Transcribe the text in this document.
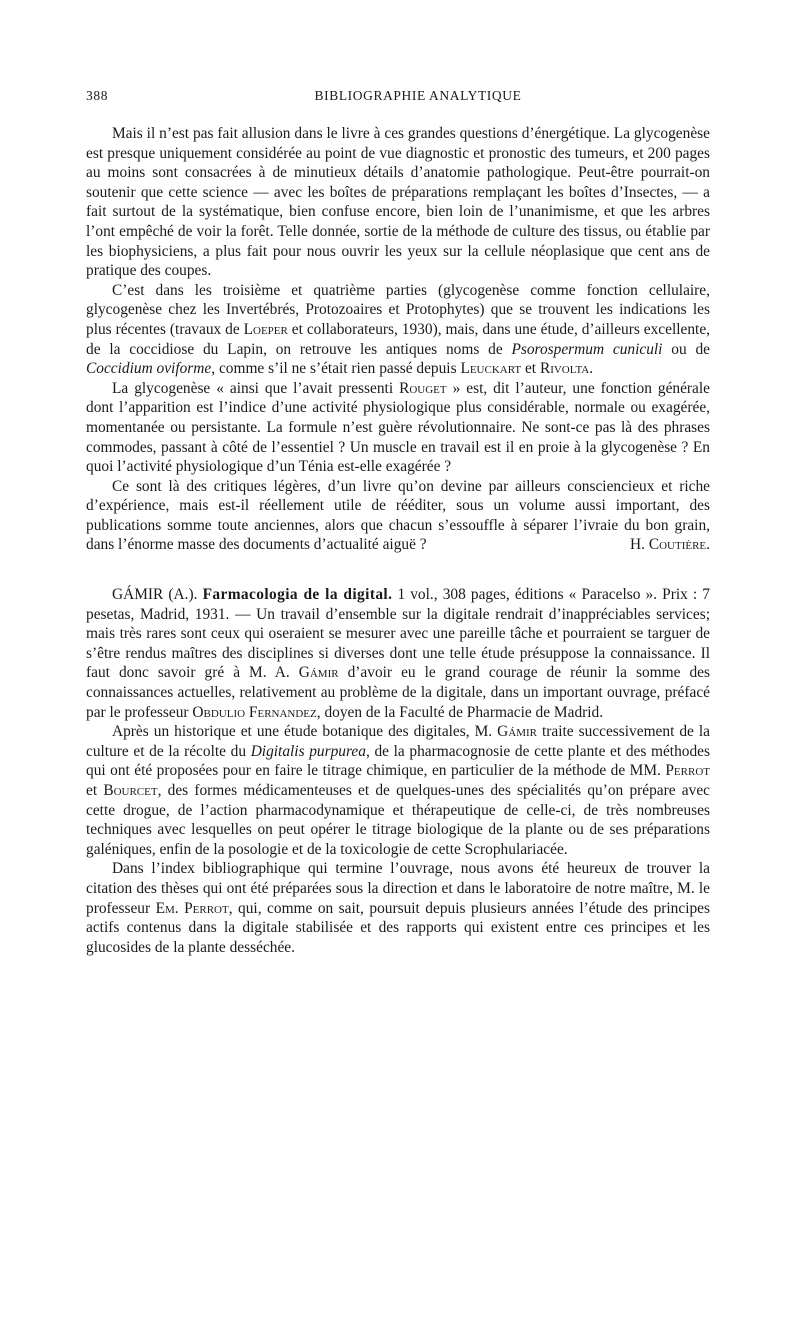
388	BIBLIOGRAPHIE ANALYTIQUE

Mais il n’est pas fait allusion dans le livre à ces grandes questions d’énergétique. La glycogenèse est presque uniquement considérée au point de vue diagnostic et pronostic des tumeurs, et 200 pages au moins sont consacrées à de minutieux détails d’anatomie pathologique. Peut-être pourrait-on soutenir que cette science — avec les boîtes de préparations remplaçant les boîtes d’Insectes, — a fait surtout de la systématique, bien confuse encore, bien loin de l’unanimisme, et que les arbres l’ont empêché de voir la forêt. Telle donnée, sortie de la méthode de culture des tissus, ou établie par les biophysiciens, a plus fait pour nous ouvrir les yeux sur la cellule néoplasique que cent ans de pratique des coupes.

C’est dans les troisième et quatrième parties (glycogenèse comme fonction cellulaire, glycogenèse chez les Invertébrés, Protozoaires et Protophytes) que se trouvent les indications les plus récentes (travaux de Loeper et collaborateurs, 1930), mais, dans une étude, d’ailleurs excellente, de la coccidiose du Lapin, on retrouve les antiques noms de Psorospermum cuniculi ou de Coccidium oviforme, comme s’il ne s’était rien passé depuis Leuckart et Rivolta.

La glycogenèse « ainsi que l’avait pressenti Rouget » est, dit l’auteur, une fonction générale dont l’apparition est l’indice d’une activité physiologique plus considérable, normale ou exagérée, momentanée ou persistante. La formule n’est guère révolutionnaire. Ne sont-ce pas là des phrases commodes, passant à côté de l’essentiel ? Un muscle en travail est il en proie à la glycogenèse ? En quoi l’activité physiologique d’un Ténia est-elle exagérée ?

Ce sont là des critiques légères, d’un livre qu’on devine par ailleurs consciencieux et riche d’expérience, mais est-il réellement utile de rééditer, sous un volume aussi important, des publications somme toute anciennes, alors que chacun s’essouffle à séparer l’ivraie du bon grain, dans l’énorme masse des documents d’actualité aiguë ?	H. Coutière.

GÁMIR (A.). Farmacologia de la digital. 1 vol., 308 pages, éditions « Paracelso ». Prix : 7 pesetas, Madrid, 1931. — Un travail d’ensemble sur la digitale rendrait d’inappréciables services; mais très rares sont ceux qui oseraient se mesurer avec une pareille tâche et pourraient se targuer de s’être rendus maîtres des disciplines si diverses dont une telle étude présuppose la connaissance. Il faut donc savoir gré à M. A. Gámir d’avoir eu le grand courage de réunir la somme des connaissances actuelles, relativement au problème de la digitale, dans un important ouvrage, préfacé par le professeur Obdulio Fernandez, doyen de la Faculté de Pharmacie de Madrid.

Après un historique et une étude botanique des digitales, M. Gámir traite successivement de la culture et de la récolte du Digitalis purpurea, de la pharmacognosie de cette plante et des méthodes qui ont été proposées pour en faire le titrage chimique, en particulier de la méthode de MM. Perrot et Bourcet, des formes médicamenteuses et de quelques-unes des spécialités qu’on prépare avec cette drogue, de l’action pharmacodynamique et thérapeutique de celle-ci, de très nombreuses techniques avec lesquelles on peut opérer le titrage biologique de la plante ou de ses préparations galéniques, enfin de la posologie et de la toxicologie de cette Scrophulariacée.

Dans l’index bibliographique qui termine l’ouvrage, nous avons été heureux de trouver la citation des thèses qui ont été préparées sous la direction et dans le laboratoire de notre maître, M. le professeur Em. Perrot, qui, comme on sait, poursuit depuis plusieurs années l’étude des principes actifs contenus dans la digitale stabilisée et des rapports qui existent entre ces principes et les glucosides de la plante desséchée.
